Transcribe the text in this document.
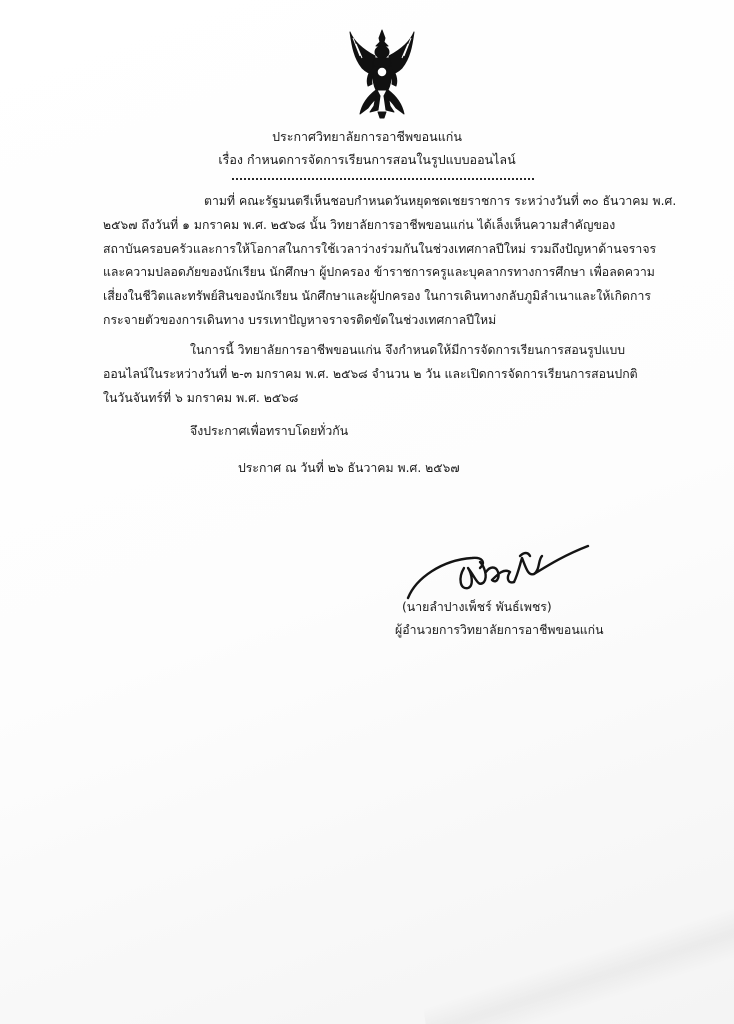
ประกาศวิทยาลัยการอาชีพขอนแก่น
เรื่อง กำหนดการจัดการเรียนการสอนในรูปแบบออนไลน์
ตามที่ คณะรัฐมนตรีเห็นชอบกำหนดวันหยุดชดเชยราชการ ระหว่างวันที่ ๓๐ ธันวาคม พ.ศ.
๒๕๖๗ ถึงวันที่ ๑ มกราคม พ.ศ. ๒๕๖๘ นั้น วิทยาลัยการอาชีพขอนแก่น ได้เล็งเห็นความสำคัญของ
สถาบันครอบครัวและการให้โอกาสในการใช้เวลาว่างร่วมกันในช่วงเทศกาลปีใหม่ รวมถึงปัญหาด้านจราจร
และความปลอดภัยของนักเรียน นักศึกษา ผู้ปกครอง ข้าราชการครูและบุคลากรทางการศึกษา เพื่อลดความ
เสี่ยงในชีวิตและทรัพย์สินของนักเรียน นักศึกษาและผู้ปกครอง ในการเดินทางกลับภูมิลำเนาและให้เกิดการ
กระจายตัวของการเดินทาง บรรเทาปัญหาจราจรติดขัดในช่วงเทศกาลปีใหม่
ในการนี้ วิทยาลัยการอาชีพขอนแก่น จึงกำหนดให้มีการจัดการเรียนการสอนรูปแบบ
ออนไลน์ในระหว่างวันที่ ๒-๓ มกราคม พ.ศ. ๒๕๖๘ จำนวน ๒ วัน และเปิดการจัดการเรียนการสอนปกติ
ในวันจันทร์ที่ ๖ มกราคม พ.ศ. ๒๕๖๘
จึงประกาศเพื่อทราบโดยทั่วกัน
ประกาศ ณ วันที่ ๒๖ ธันวาคม พ.ศ. ๒๕๖๗
(นายลำปางเพ็ชร์ พันธ์เพชร)
ผู้อำนวยการวิทยาลัยการอาชีพขอนแก่น
